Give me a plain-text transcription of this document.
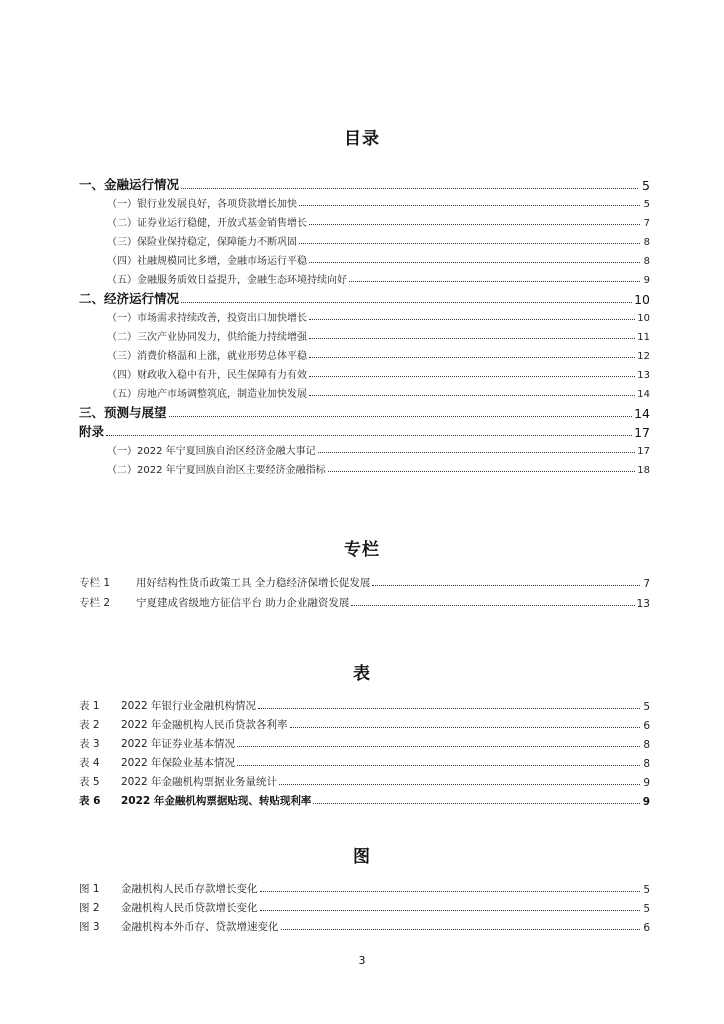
目录
一、金融运行情况	5
（一）银行业发展良好，各项贷款增长加快	5
（二）证券业运行稳健，开放式基金销售增长	7
（三）保险业保持稳定，保障能力不断巩固	8
（四）社融规模同比多增，金融市场运行平稳	8
（五）金融服务质效日益提升，金融生态环境持续向好	9
二、经济运行情况	10
（一）市场需求持续改善，投资出口加快增长	10
（二）三次产业协同发力，供给能力持续增强	11
（三）消费价格温和上涨，就业形势总体平稳	12
（四）财政收入稳中有升，民生保障有力有效	13
（五）房地产市场调整筑底，制造业加快发展	14
三、预测与展望	14
附录	17
（一）2022 年宁夏回族自治区经济金融大事记	17
（二）2022 年宁夏回族自治区主要经济金融指标	18
专栏
专栏 1	用好结构性货币政策工具 全力稳经济保增长促发展	7
专栏 2	宁夏建成省级地方征信平台 助力企业融资发展	13
表
表 1	2022 年银行业金融机构情况	5
表 2	2022 年金融机构人民币贷款各利率	6
表 3	2022 年证券业基本情况	8
表 4	2022 年保险业基本情况	8
表 5	2022 年金融机构票据业务量统计	9
表 6	2022 年金融机构票据贴现、转贴现利率	9
图
图 1	金融机构人民币存款增长变化	5
图 2	金融机构人民币贷款增长变化	5
图 3	金融机构本外币存、贷款增速变化	6
3
